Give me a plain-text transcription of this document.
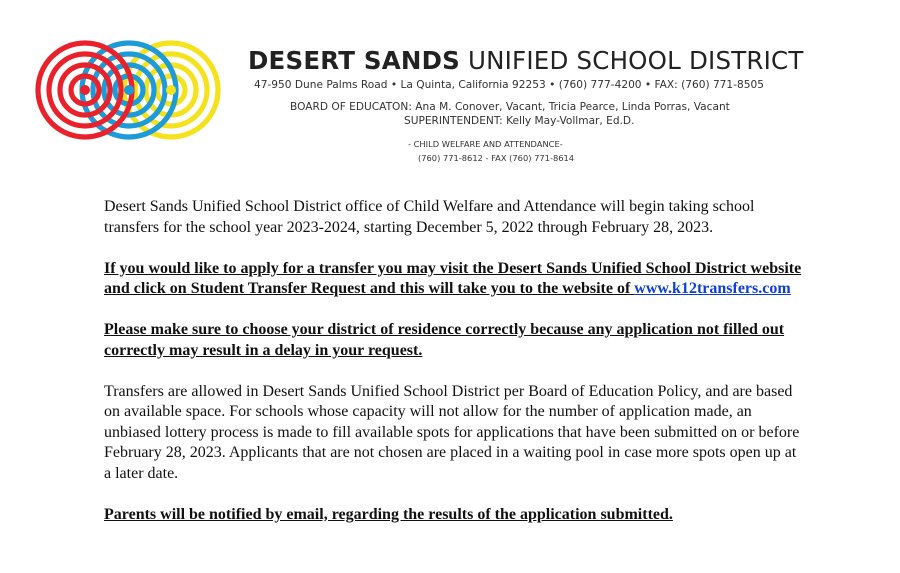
DESERT SANDS UNIFIED SCHOOL DISTRICT

47-950 Dune Palms Road • La Quinta, California 92253 • (760) 777-4200 • FAX: (760) 771-8505

BOARD OF EDUCATON: Ana M. Conover, Vacant, Tricia Pearce, Linda Porras, Vacant

SUPERINTENDENT: Kelly May-Vollmar, Ed.D.

- CHILD WELFARE AND ATTENDANCE-

(760) 771-8612 - FAX (760) 771-8614

Desert Sands Unified School District office of Child Welfare and Attendance will begin taking school transfers for the school year 2023-2024, starting December 5, 2022 through February 28, 2023.

If you would like to apply for a transfer you may visit the Desert Sands Unified School District website and click on Student Transfer Request and this will take you to the website of www.k12transfers.com

Please make sure to choose your district of residence correctly because any application not filled out correctly may result in a delay in your request.

Transfers are allowed in Desert Sands Unified School District per Board of Education Policy, and are based on available space. For schools whose capacity will not allow for the number of application made, an unbiased lottery process is made to fill available spots for applications that have been submitted on or before February 28, 2023. Applicants that are not chosen are placed in a waiting pool in case more spots open up at a later date.

Parents will be notified by email, regarding the results of the application submitted.
